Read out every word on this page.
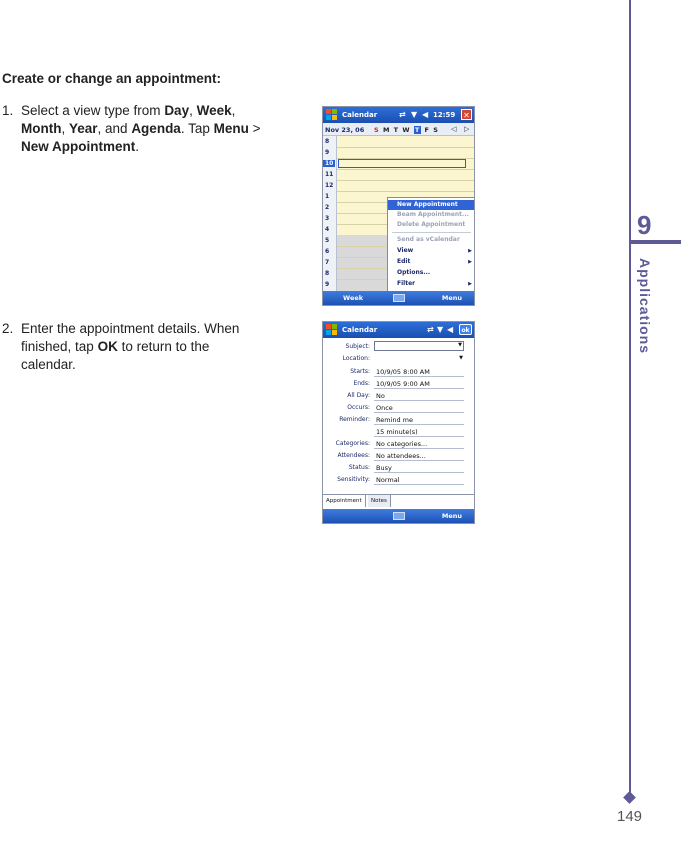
Create or change an appointment:
1. Select a view type from Day, Week, Month, Year, and Agenda. Tap Menu > New Appointment.
2. Enter the appointment details. When finished, tap OK to return to the calendar.
9
Applications
149
Calendar	⇄ ▼ ◀ 12:59 ✕
Nov 23, 06 S M T W T F S ◁ ▷
8
9
10
11
12
1
2
3
4
5
6
7
8
9
New Appointment
Beam Appointment...
Delete Appointment
Send as vCalendar
View	▶
Edit	▶
Options...
Filter	▶
Week	Menu
Calendar	⇄ ▼ ◀	ok
Subject:	▼
Location:	▼
Starts: 10/9/05 8:00 AM
Ends: 10/9/05 9:00 AM
All Day: No
Occurs: Once
Reminder: Remind me
15 minute(s)
Categories: No categories...
Attendees: No attendees...
Status: Busy
Sensitivity: Normal
Appointment	Notes
Menu
